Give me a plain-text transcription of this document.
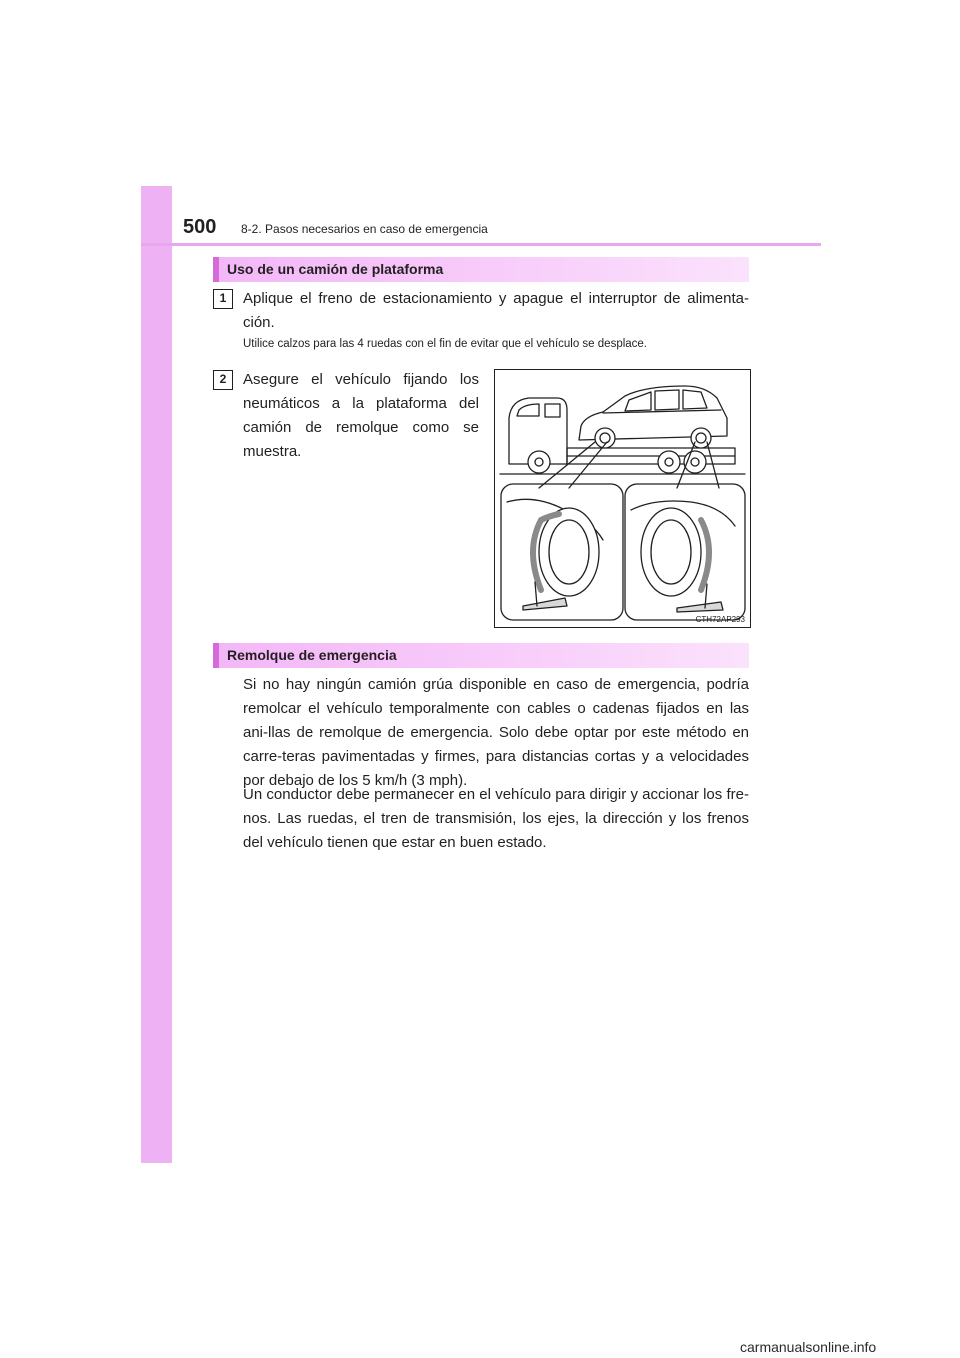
500 8-2. Pasos necesarios en caso de emergencia
Uso de un camión de plataforma
1	Aplique el freno de estacionamiento y apague el interruptor de alimenta-ción.

Utilice calzos para las 4 ruedas con el fin de evitar que el vehículo se desplace.

2	Asegure el vehículo fijando los neumáticos a la plataforma del camión de remolque como se muestra.

CTH72AP293
Remolque de emergencia

Si no hay ningún camión grúa disponible en caso de emergencia, podría remolcar el vehículo temporalmente con cables o cadenas fijados en las ani-llas de remolque de emergencia. Solo debe optar por este método en carre-teras pavimentadas y firmes, para distancias cortas y a velocidades por debajo de los 5 km/h (3 mph).

Un conductor debe permanecer en el vehículo para dirigir y accionar los fre-nos. Las ruedas, el tren de transmisión, los ejes, la dirección y los frenos del vehículo tienen que estar en buen estado.

carmanualsonline.info
